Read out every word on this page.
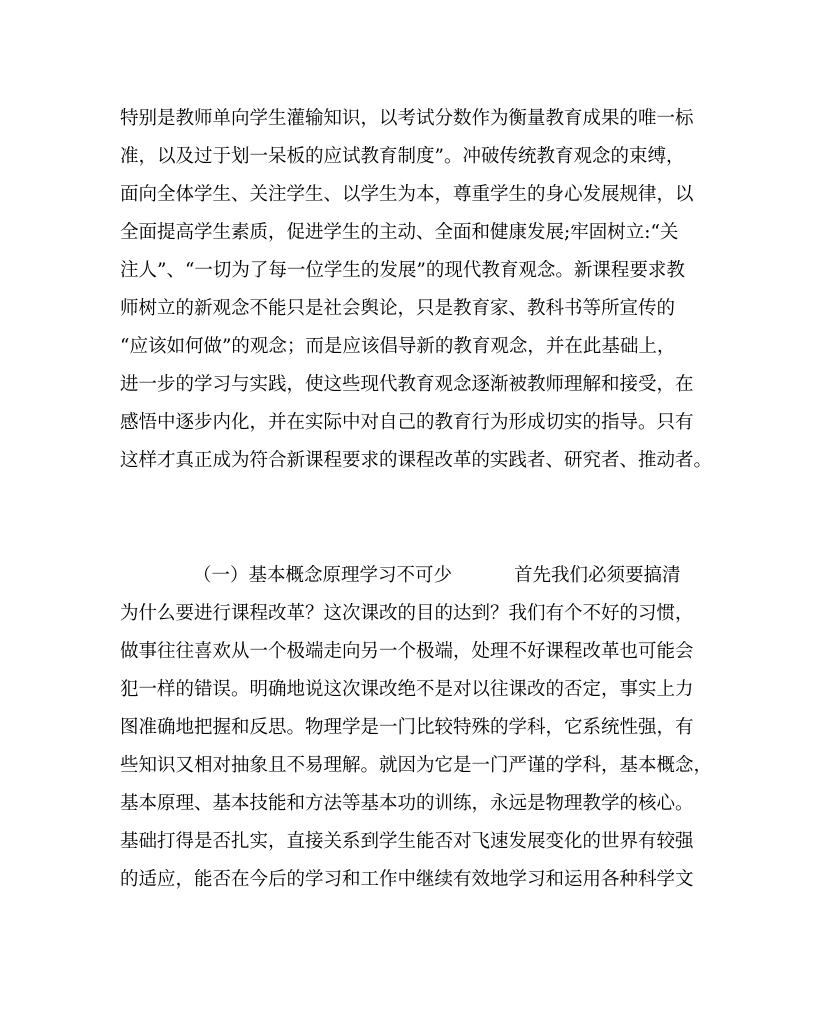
特别是教师单向学生灌输知识，以考试分数作为衡量教育成果的唯一标

准，以及过于划一呆板的应试教育制度”。冲破传统教育观念的束缚，

面向全体学生、关注学生、以学生为本，尊重学生的身心发展规律，以

全面提高学生素质，促进学生的主动、全面和健康发展;牢固树立:“关

注人”、“一切为了每一位学生的发展”的现代教育观念。新课程要求教

师树立的新观念不能只是社会舆论，只是教育家、教科书等所宣传的

“应该如何做”的观念；而是应该倡导新的教育观念，并在此基础上，

进一步的学习与实践，使这些现代教育观念逐渐被教师理解和接受，在

感悟中逐步内化，并在实际中对自己的教育行为形成切实的指导。只有

这样才真正成为符合新课程要求的课程改革的实践者、研究者、推动者。

（一）基本概念原理学习不可少

	首先我们必须要搞清

为什么要进行课程改革？这次课改的目的达到？我们有个不好的习惯，

做事往往喜欢从一个极端走向另一个极端，处理不好课程改革也可能会

犯一样的错误。明确地说这次课改绝不是对以往课改的否定，事实上力

图准确地把握和反思。物理学是一门比较特殊的学科，它系统性强，有

些知识又相对抽象且不易理解。就因为它是一门严谨的学科，基本概念，

基本原理、基本技能和方法等基本功的训练，永远是物理教学的核心。

基础打得是否扎实，直接关系到学生能否对飞速发展变化的世界有较强

的适应，能否在今后的学习和工作中继续有效地学习和运用各种科学文
